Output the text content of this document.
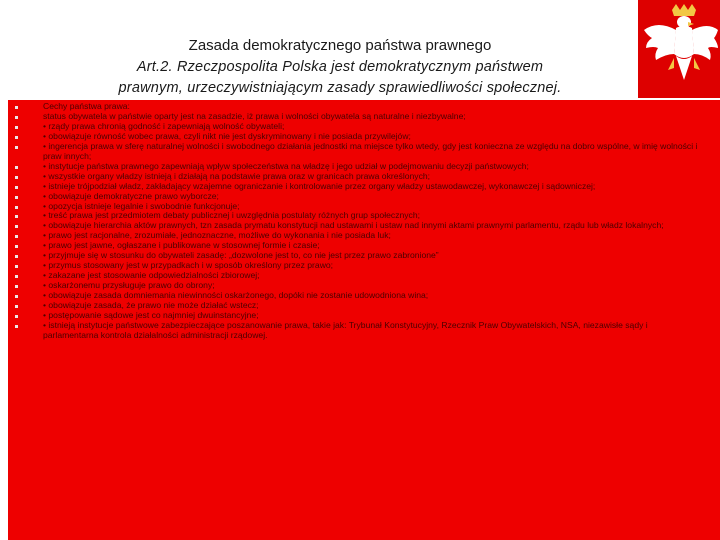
Zasada demokratycznego państwa prawnego

Art.2. Rzeczpospolita Polska jest demokratycznym państwem
prawnym, urzeczywistniającym zasady sprawiedliwości społecznej.

Cechy państwa prawa:

status obywatela w państwie oparty jest na zasadzie, iż prawa i wolności obywatela są naturalne i niezbywalne;

• rządy prawa chronią godność i zapewniają wolność obywateli;

• obowiązuje równość wobec prawa, czyli nikt nie jest dyskryminowany i nie posiada przywilejów;

• ingerencja prawa w sferę naturalnej wolności i swobodnego działania jednostki ma miejsce tylko wtedy, gdy jest konieczna ze względu na dobro wspólne, w imię wolności i praw innych;

• instytucje państwa prawnego zapewniają wpływ społeczeństwa na władzę i jego udział w podejmowaniu decyzji państwowych;

• wszystkie organy władzy istnieją i działają na podstawie prawa oraz w granicach prawa określonych;

• istnieje trójpodział władz, zakładający wzajemne ograniczanie i kontrolowanie przez organy władzy ustawodawczej, wykonawczej i sądowniczej;

• obowiązuje demokratyczne prawo wyborcze;

• opozycja istnieje legalnie i swobodnie funkcjonuje;

• treść prawa jest przedmiotem debaty publicznej i uwzględnia postulaty różnych grup społecznych;

• obowiązuje hierarchia aktów prawnych, tzn zasada prymatu konstytucji nad ustawami i ustaw nad innymi aktami prawnymi parlamentu, rządu lub władz lokalnych;

• prawo jest racjonalne, zrozumiałe, jednoznaczne, możliwe do wykonania i nie posiada luk;

• prawo jest jawne, ogłaszane i publikowane w stosownej formie i czasie;

• przyjmuje się w stosunku do obywateli zasadę: „dozwolone jest to, co nie jest przez prawo zabronione”

• przymus stosowany jest w przypadkach i w sposób określony przez prawo;

• zakazane jest stosowanie odpowiedzialności zbiorowej;

• oskarżonemu przysługuje prawo do obrony;

• obowiązuje zasada domniemania niewinności oskarżonego, dopóki nie zostanie udowodniona wina;

• obowiązuje zasada, że prawo nie może działać wstecz;

• postępowanie sądowe jest co najmniej dwuinstancyjne;

• istnieją instytucje państwowe zabezpieczające poszanowanie prawa, takie jak: Trybunał Konstytucyjny, Rzecznik Praw Obywatelskich, NSA, niezawisłe sądy i parlamentarna kontrola działalności administracji rządowej.
